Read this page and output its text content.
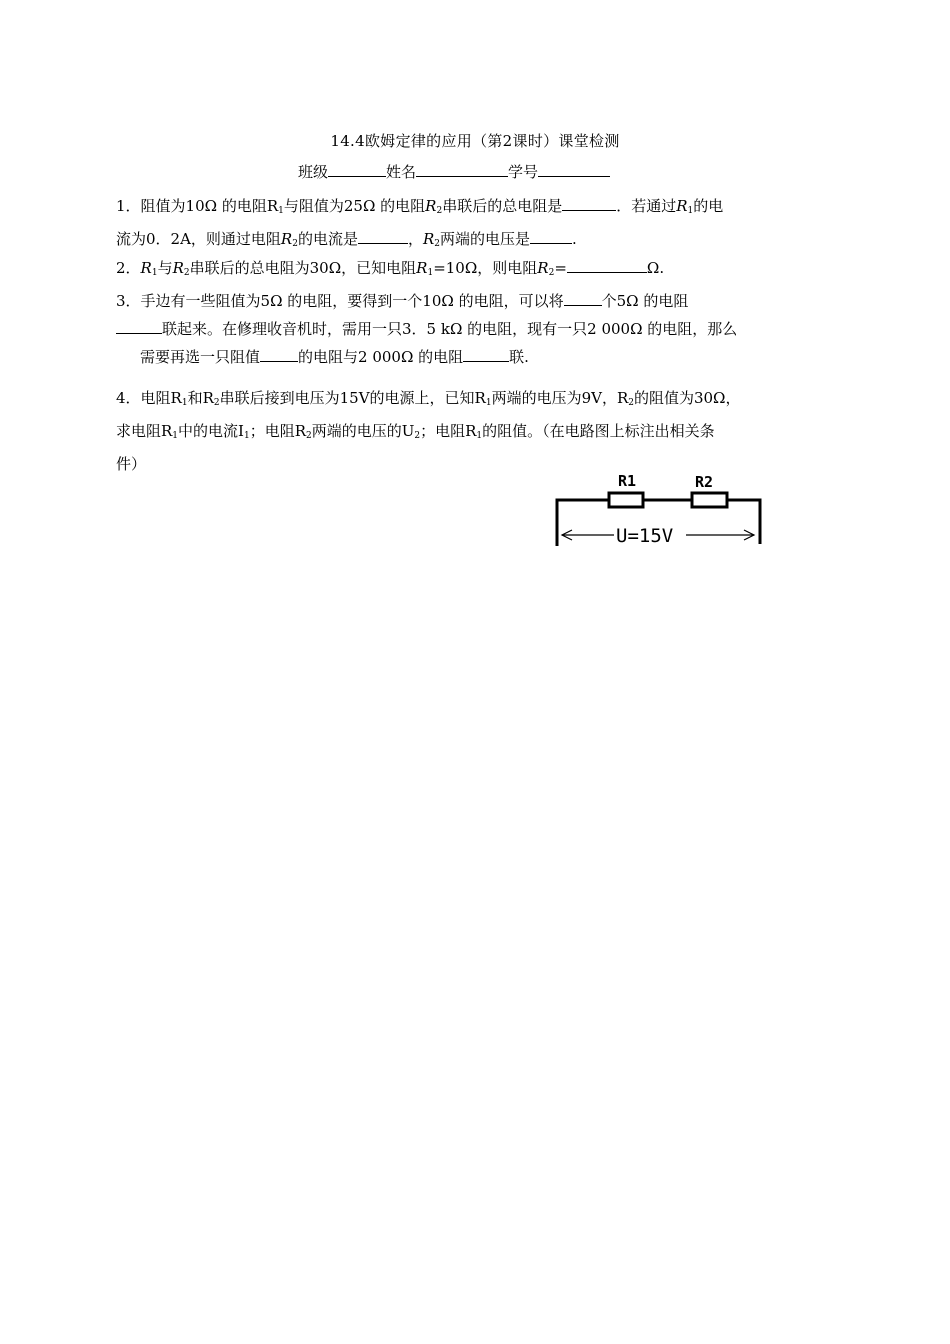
14.4欧姆定律的应用（第2课时）课堂检测
班级	姓名	学号
1．阻值为10Ω 的电阻$R_1$与阻值为25Ω 的电阻$R_2$串联后的总电阻是	．若通过$R_1$的电
流为0．2A，则通过电阻$R_2$的电流是	，$R_2$两端的电压是	.
2．$R_1$与$R_2$串联后的总电阻为30Ω，已知电阻$R_1=10\Omega$，则电阻$R_2=$	Ω.
3．手边有一些阻值为5Ω 的电阻，要得到一个10Ω 的电阻，可以将	个5Ω 的电阻
联起来。在修理收音机时，需用一只3．5 kΩ 的电阻，现有一只2 000Ω 的电阻，那么
需要再选一只阻值	的电阻与2 000Ω 的电阻	联.
4．电阻$R_1$和$R_2$串联后接到电压为15V的电源上，已知$R_1$两端的电压为9V，$R_2$的阻值为30Ω，
求电阻$R_1$中的电流$I_1$；电阻$R_2$两端的电压的$U_2$；电阻$R_1$的阻值。（在电路图上标注出相关条
件）
R1	R2
U=15V
